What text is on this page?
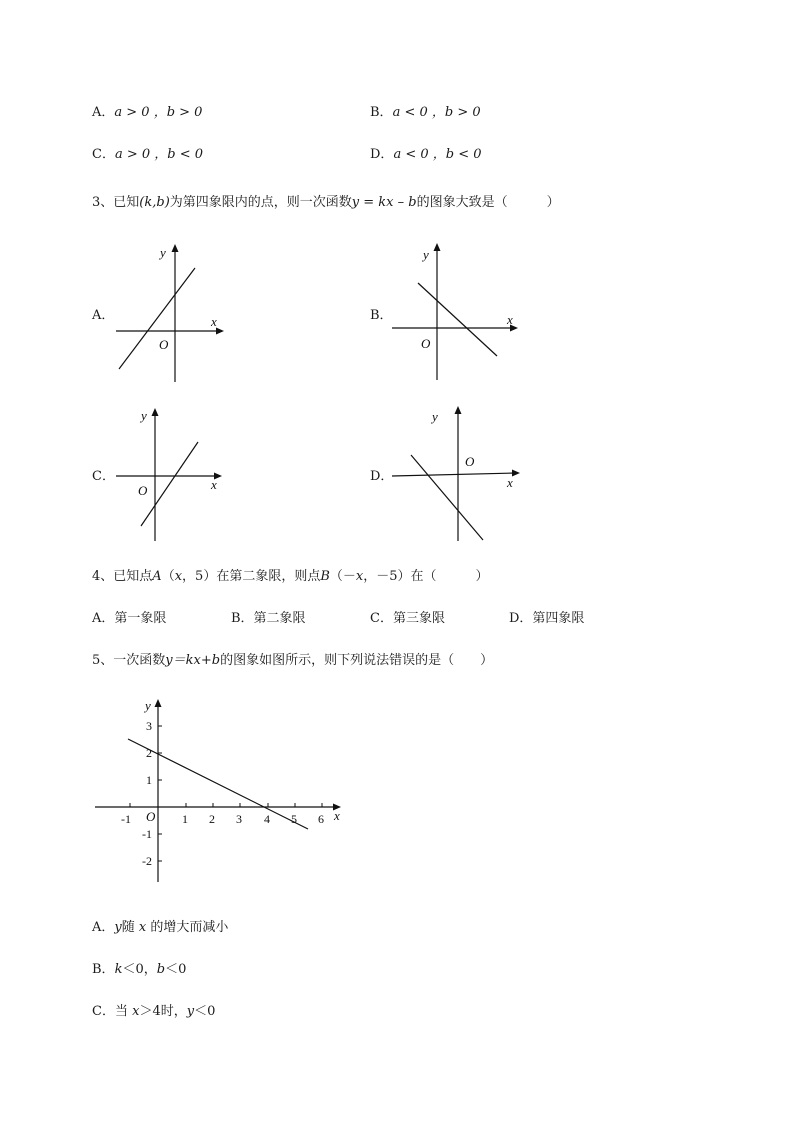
A．a > 0 ，b > 0	B．a < 0 ，b > 0
C．a > 0 ，b < 0	D．a < 0 ，b < 0
3、已知(k,b)为第四象限内的点，则一次函数y = kx – b的图象大致是（　　　）
A．	B．
C．	D．
y
x
O
y
x
O
y
x
O
y
x
O
4、已知点A（x，5）在第二象限，则点B（－x，－5）在（　　　）
A．第一象限	B．第二象限	C．第三象限	D．第四象限
5、一次函数y＝kx+b的图象如图所示，则下列说法错误的是（　　）
-1	1 2 3 4 5 6
3
2
1
-1
-2
O	x
y
A．y随 x 的增大而减小
B．k＜0，b＜0
C．当 x＞4时，y＜0
